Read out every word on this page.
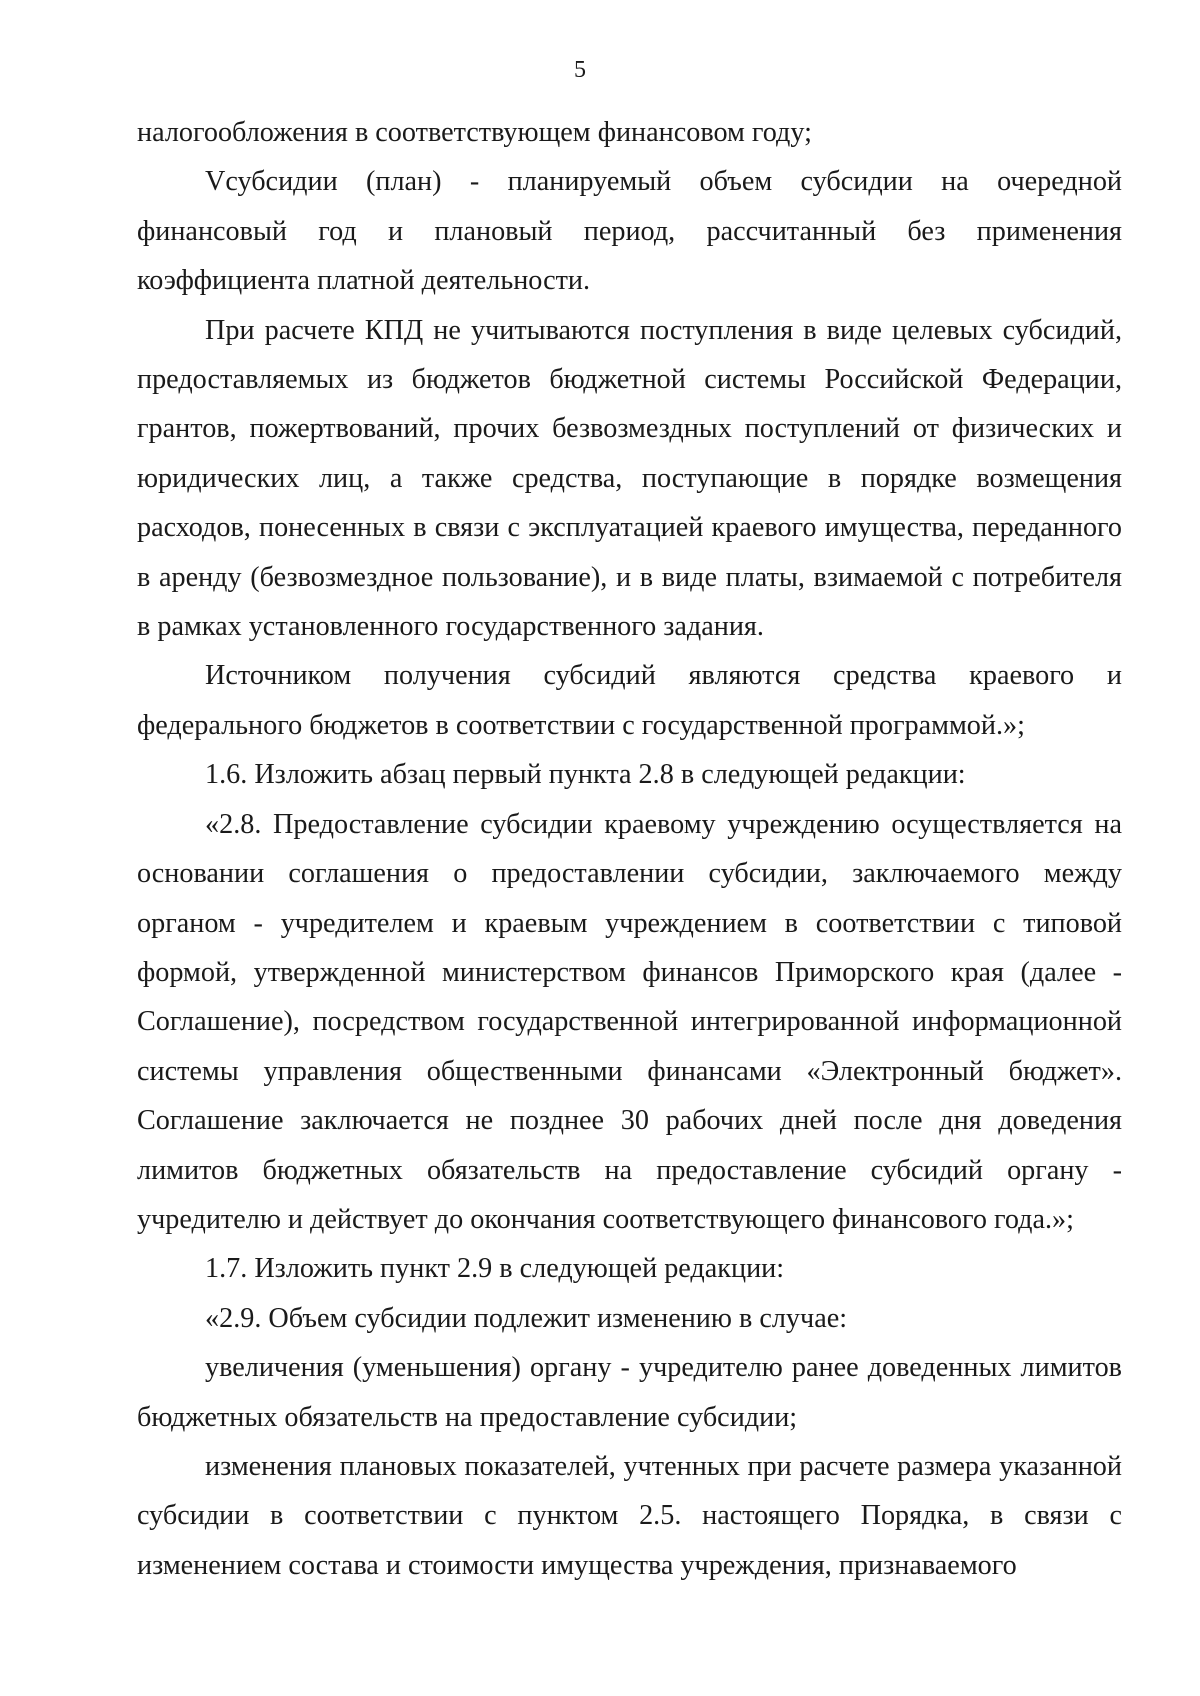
5

налогообложения в соответствующем финансовом году;

Vсубсидии (план) - планируемый объем субсидии на очередной финансовый год и плановый период, рассчитанный без применения коэффициента платной деятельности.

При расчете КПД не учитываются поступления в виде целевых субсидий, предоставляемых из бюджетов бюджетной системы Российской Федерации, грантов, пожертвований, прочих безвозмездных поступлений от физических и юридических лиц, а также средства, поступающие в порядке возмещения расходов, понесенных в связи с эксплуатацией краевого имущества, переданного в аренду (безвозмездное пользование), и в виде платы, взимаемой с потребителя в рамках установленного государственного задания.

Источником получения субсидий являются средства краевого и федерального бюджетов в соответствии с государственной программой.»;

1.6. Изложить абзац первый пункта 2.8 в следующей редакции:

«2.8. Предоставление субсидии краевому учреждению осуществляется на основании соглашения о предоставлении субсидии, заключаемого между органом - учредителем и краевым учреждением в соответствии с типовой формой, утвержденной министерством финансов Приморского края (далее - Соглашение), посредством государственной интегрированной информационной системы управления общественными финансами «Электронный бюджет». Соглашение заключается не позднее 30 рабочих дней после дня доведения лимитов бюджетных обязательств на предоставление субсидий органу - учредителю и действует до окончания соответствующего финансового года.»;

1.7. Изложить пункт 2.9 в следующей редакции:

«2.9. Объем субсидии подлежит изменению в случае:

увеличения (уменьшения) органу - учредителю ранее доведенных лимитов бюджетных обязательств на предоставление субсидии;

изменения плановых показателей, учтенных при расчете размера указанной субсидии в соответствии с пунктом 2.5. настоящего Порядка, в связи с изменением состава и стоимости имущества учреждения, признаваемого
